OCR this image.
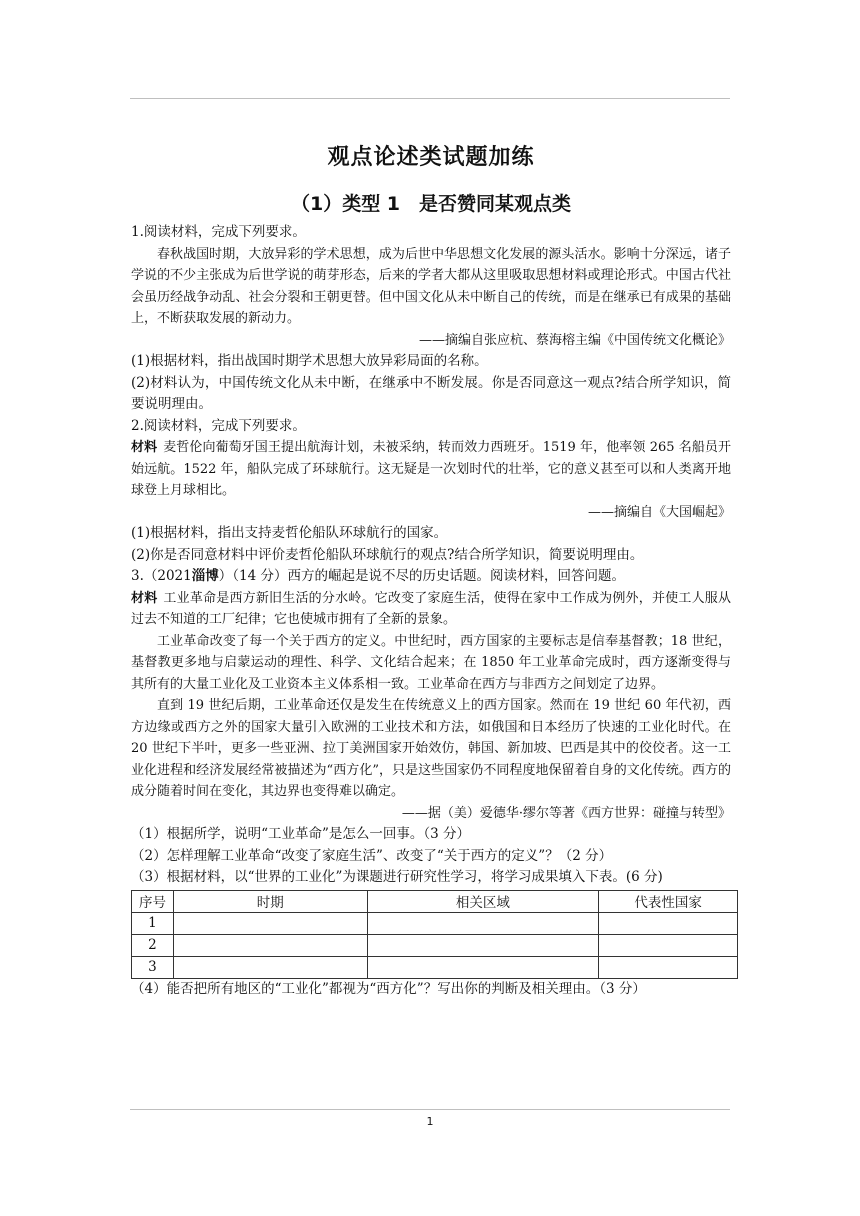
观点论述类试题加练
（1）类型 1　是否赞同某观点类

1.阅读材料，完成下列要求。

春秋战国时期，大放异彩的学术思想，成为后世中华思想文化发展的源头活水。影响十分深远，诸子学说的不少主张成为后世学说的萌芽形态，后来的学者大都从这里吸取思想材料或理论形式。中国古代社会虽历经战争动乱、社会分裂和王朝更替。但中国文化从未中断自己的传统，而是在继承已有成果的基础上，不断获取发展的新动力。

——摘编自张应杭、蔡海榕主编《中国传统文化概论》

(1)根据材料，指出战国时期学术思想大放异彩局面的名称。

(2)材料认为，中国传统文化从未中断，在继承中不断发展。你是否同意这一观点?结合所学知识，简要说明理由。

2.阅读材料，完成下列要求。

材料 麦哲伦向葡萄牙国王提出航海计划，未被采纳，转而效力西班牙。1519 年，他率领 265 名船员开始远航。1522 年，船队完成了环球航行。这无疑是一次划时代的壮举，它的意义甚至可以和人类离开地球登上月球相比。

——摘编自《大国崛起》

(1)根据材料，指出支持麦哲伦船队环球航行的国家。

(2)你是否同意材料中评价麦哲伦船队环球航行的观点?结合所学知识，简要说明理由。

3.（2021淄博）（14 分）西方的崛起是说不尽的历史话题。阅读材料，回答问题。

材料 工业革命是西方新旧生活的分水岭。它改变了家庭生活，使得在家中工作成为例外，并使工人服从过去不知道的工厂纪律；它也使城市拥有了全新的景象。

工业革命改变了每一个关于西方的定义。中世纪时，西方国家的主要标志是信奉基督教；18 世纪，基督教更多地与启蒙运动的理性、科学、文化结合起来；在 1850 年工业革命完成时，西方逐渐变得与其所有的大量工业化及工业资本主义体系相一致。工业革命在西方与非西方之间划定了边界。

直到 19 世纪后期，工业革命还仅是发生在传统意义上的西方国家。然而在 19 世纪 60 年代初，西方边缘或西方之外的国家大量引入欧洲的工业技术和方法，如俄国和日本经历了快速的工业化时代。在 20 世纪下半叶，更多一些亚洲、拉丁美洲国家开始效仿，韩国、新加坡、巴西是其中的佼佼者。这一工业化进程和经济发展经常被描述为“西方化”，只是这些国家仍不同程度地保留着自身的文化传统。西方的成分随着时间在变化，其边界也变得难以确定。

——据（美）爱德华·缪尔等著《西方世界：碰撞与转型》

（1）根据所学，说明“工业革命”是怎么一回事。（3 分）

（2）怎样理解工业革命“改变了家庭生活”、改变了“关于西方的定义”？（2 分）

（3）根据材料，以“世界的工业化”为课题进行研究性学习，将学习成果填入下表。(6 分)

序号	时期	相关区域	代表性国家
1			
2			
3			

（4）能否把所有地区的“工业化”都视为“西方化”？写出你的判断及相关理由。（3 分）

1
